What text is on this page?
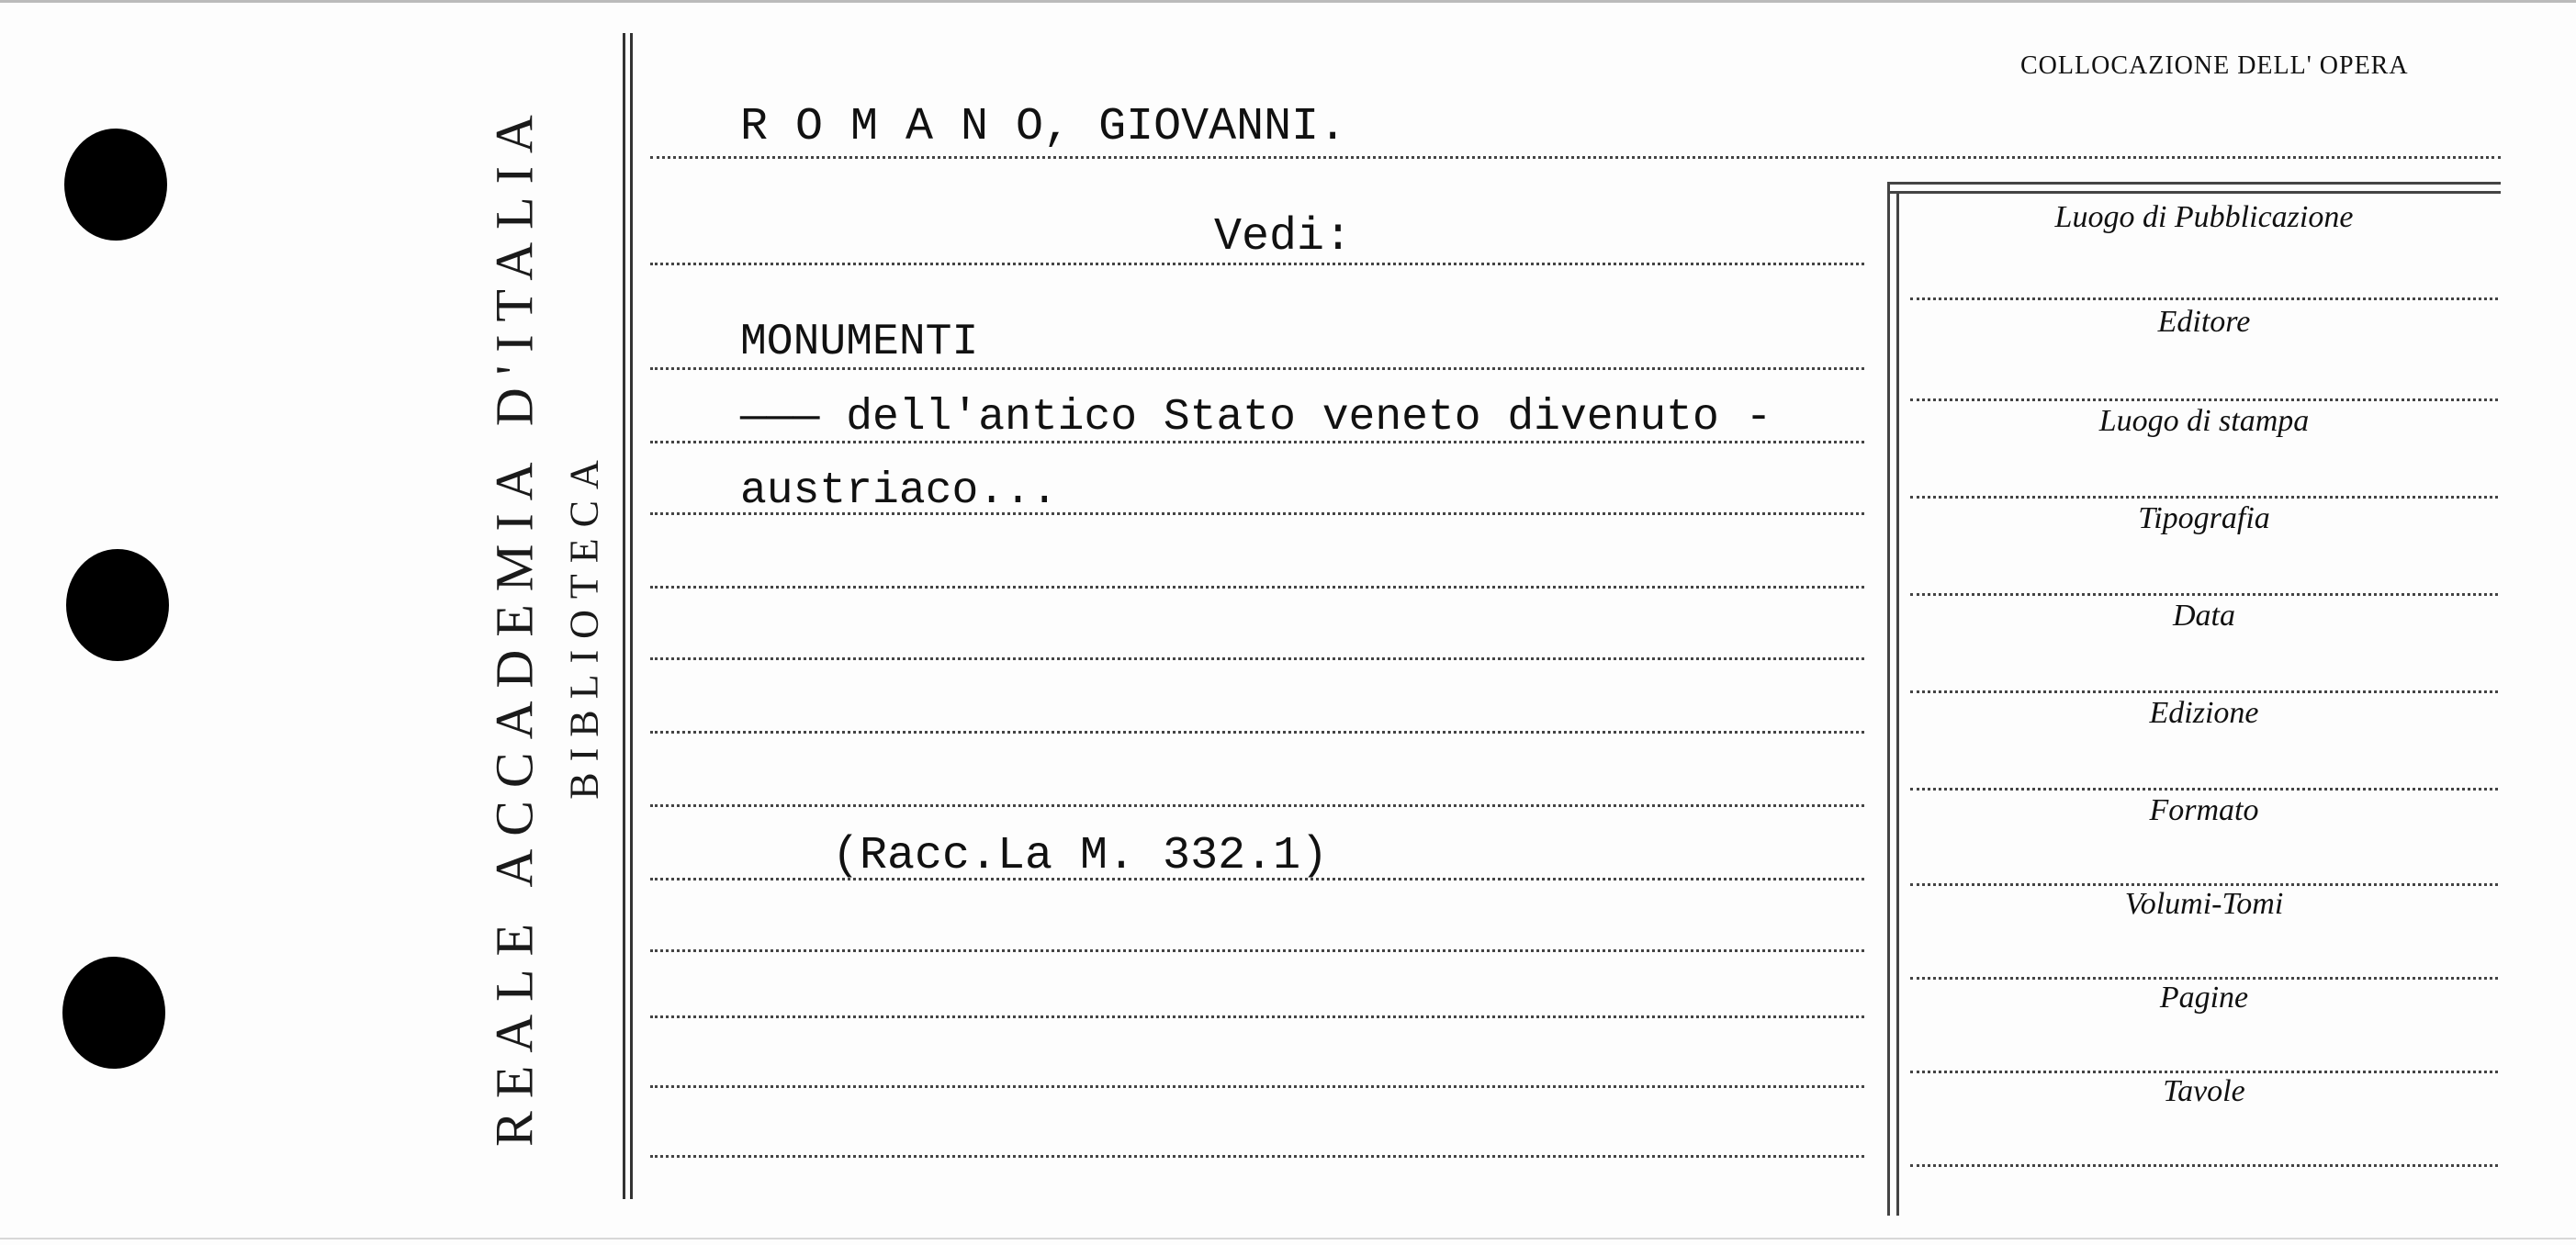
REALE ACCADEMIA D'ITALIA BIBLIOTECA
COLLOCAZIONE DELL' OPERA
R O M A N O, GIOVANNI.
Vedi:
MONUMENTI
——— dell'antico Stato veneto divenuto -
austriaco...
(Racc.La M. 332.1)
Luogo di Pubblicazione
Editore
Luogo di stampa
Tipografia
Data
Edizione
Formato
Volumi-Tomi
Pagine
Tavole
